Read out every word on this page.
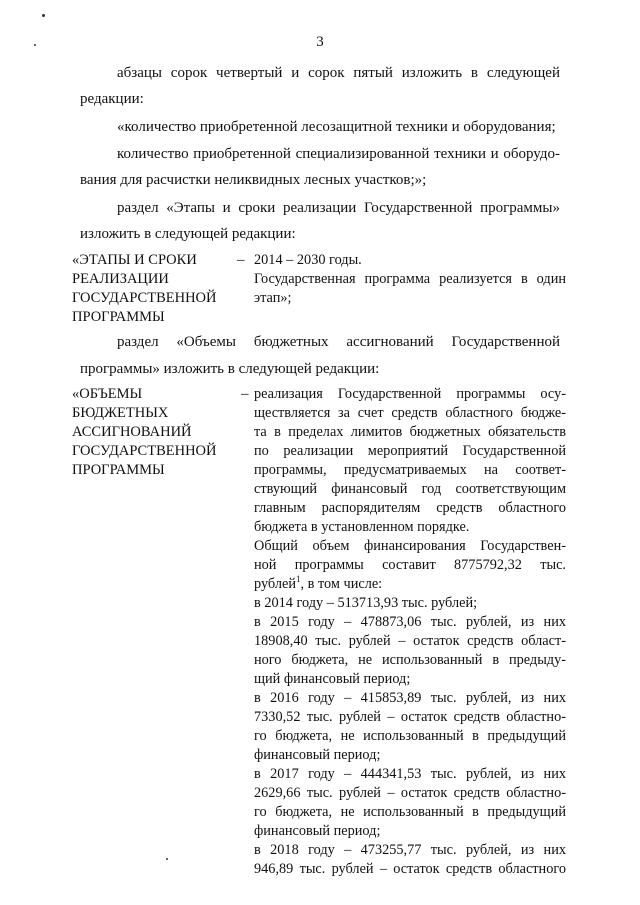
3
абзацы сорок четвертый и сорок пятый изложить в следующей
редакции:
«количество приобретенной лесозащитной техники и оборудования;
количество приобретенной специализированной техники и оборудо-
вания для расчистки неликвидных лесных участков;»;
раздел «Этапы и сроки реализации Государственной программы»
изложить в следующей редакции:
«ЭТАПЫ И СРОКИ
РЕАЛИЗАЦИИ
ГОСУДАРСТВЕННОЙ
ПРОГРАММЫ
– 2014 – 2030 годы.
Государственная программа реализуется в один
этап»;
раздел «Объемы бюджетных ассигнований Государственной
программы» изложить в следующей редакции:
«ОБЪЕМЫ
БЮДЖЕТНЫХ
АССИГНОВАНИЙ
ГОСУДАРСТВЕННОЙ
ПРОГРАММЫ
– реализация Государственной программы осу-
ществляется за счет средств областного бюдже-
та в пределах лимитов бюджетных обязательств
по реализации мероприятий Государственной
программы, предусматриваемых на соответ-
ствующий финансовый год соответствующим
главным распорядителям средств областного
бюджета в установленном порядке.
Общий объем финансирования Государствен-
ной программы составит 8775792,32 тыс.
рублей$^1$, в том числе:
в 2014 году – 513713,93 тыс. рублей;
в 2015 году – 478873,06 тыс. рублей, из них
18908,40 тыс. рублей – остаток средств област-
ного бюджета, не использованный в предыду-
щий финансовый период;
в 2016 году – 415853,89 тыс. рублей, из них
7330,52 тыс. рублей – остаток средств областно-
го бюджета, не использованный в предыдущий
финансовый период;
в 2017 году – 444341,53 тыс. рублей, из них
2629,66 тыс. рублей – остаток средств областно-
го бюджета, не использованный в предыдущий
финансовый период;
в 2018 году – 473255,77 тыс. рублей, из них
946,89 тыс. рублей – остаток средств областного
